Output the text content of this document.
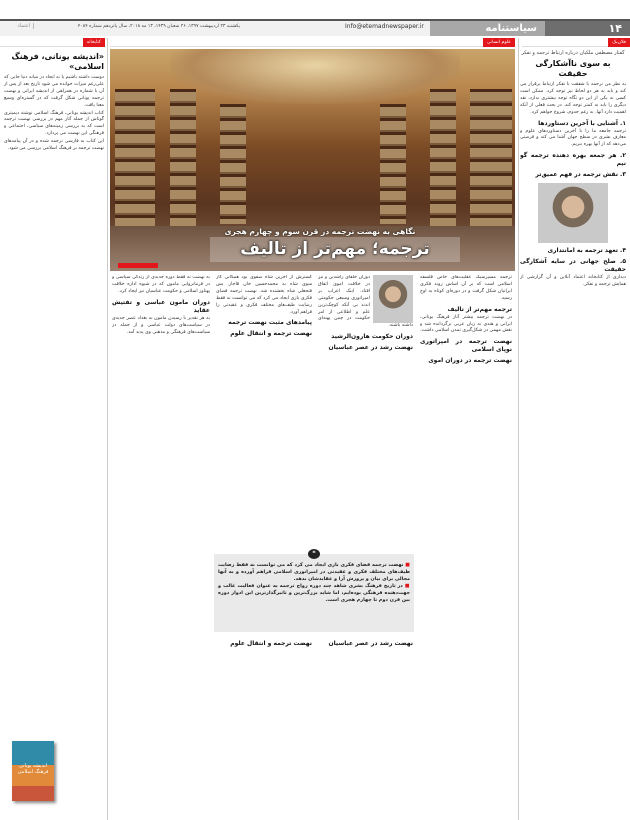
۱۴
سیاستنامه
Info@etemadnewspaper.ir
یکشنبه ۲۳ اردیبهشت ۱۳۹۷، ۲۶ شعبان ۱۴۳۹، ۱۳ مه ۲۰۱۸، سال پانزدهم شماره ۴۰۸۴
اعتماد
فلان‌یک
علوم انسانی
کتابخانه
نگاهی به نهضت ترجمه در قرن سوم و چهارم هجری
ترجمه؛ مهم‌تر از تالیف

ترجمه مسیرسبک عقلیت‌های خاص فلسفه اسلامی است که بر آن اساس روند فکری ایرانیان شکل گرفت و در دوره‌ای کوتاه به اوج رسید.

ترجمه مهم‌تر از تالیف

در نهضت ترجمه بیشتر آثار فرهنگ یونانی، ایرانی و هندی به زبان عربی برگردانده شد و نقش مهمی در شکل‌گیری تمدن اسلامی داشت.

نهضت ترجمه در امپراتوری نوپای اسلامی
نهضت ترجمه در دوران اموی

دوران خلفای راشدین و نیز در خلافت اموی اتفاق افتاد. اینک اعراب بر امپراتوری وسیعی حکومتی اندند بی آنکه کوچک‌ترین علم و اطلاعی از امر حکومت در چنین پهنه‌ای داشته باشند.

دوران حکومت هارون‌الرشید
نهضت رشد در عصر عباسیان

گسترش از آخرین شاه صفوی بود همگانی کار سوی شاه به محمدحسین خان قاجار. پس فتحعلی شاه بخشنده شد. نهضت ترجمه فضای فکری بازی ایجاد می کرد که می توانست نه فقط رضایت طیف‌های مختلف فکری و عقیدتی را فراهم آورد.

پیامدهای مثبت نهضت ترجمه
نهضت ترجمه و انتقال علوم

به نهضت نه فقط دوره جدیدی از زندگی سیاسی و در فرمانروایی مامون که در شیوه اداره خلافت پهناور اسلامی و حکومت عباسیان نیز ایجاد کرد.

دوران مامون عباسی و تفتیش عقاید

به هر تقدیر با رسیدن مامون به بغداد عصر جدیدی در سیاست‌های دولت عباسی و از جمله در سیاست‌های فرهنگی و مذهبی وی پدید آمد.

نهضت رشد در عصر عباسیان
نهضت ترجمه و انتقال علوم
❝

■ نهضت ترجمه فضای فکری بازی ایجاد می کرد که می توانست نه فقط رضایت طیف‌های مختلف فکری و عقیدتی در امپراتوری اسلامی فراهم آورده و به آنها مجالی برای بیان و پرورش آرا و عقایدشان بدهد.

■ در تاریخ فرهنگ بشری شاهد چند دوره رواج ترجمه به عنوان فعالیت غالب و جهت‌دهنده فرهنگی بوده‌ایم، اما شاید بزرگ‌ترین و تاثیرگذارترین این ادوار دوره بین قرن دوم تا چهارم هجری است.

گفتار مصطفی ملکیان درباره ارتباط ترجمه و تفکر
به سوی ناآشکارگی حقیقت

به نظر من ترجمه با شفقت با تفکر ارتباط برقرار می کند و باید به هر دو لحاظ نیز توجه کرد. ممکن است کسی به یکی از این دو نگاه توجه بیشتری بدارد، نقد دیگری را باید به کمتر توجه کند. در بحث فعلی از آنکه اهمیت دارد آنها. به رغم جدوم، شروع خواهم کرد.

۱. آشنایی با آخرین دستاوردها

ترجمه جامعه ما را با آخرین دستاوردهای علوم و معارف بشری در سطح جهان آشنا می کند و فرصتی می‌دهد که از آنها بهره ببریم.

۲. هر جمعه بهره دهنده ترجمه گو نیم
۳. نقش ترجمه در فهم عمیق‌تر
۴. تعهد ترجمه به امانتداری
۵. صلح جهانی در سایه آشکارگی حقیقت

دیداری از کتابخانه اعتماد آنلاین و آن گزارشی از همایش ترجمه و تفکر.

«اندیشه یونانی، فرهنگ اسلامی»

دوست داشته باشیم یا نه ایجاد در میانه دنیا جایی که علی‌رغم میراث خوانده می شود تاریخ بعد از پس از آن با شماره در همراهی از اندیشه ایرانی و نهضت ترجمه یونانی شکل گرفت که در گستره‌ای وسیع معنا یافت.

کتاب اندیشه یونانی، فرهنگ اسلامی نوشته دیمیتری گوتاس از جمله آثار مهم در بررسی نهضت ترجمه است که به بررسی زمینه‌های سیاسی، اجتماعی و فرهنگی این نهضت می پردازد.

این کتاب به فارسی ترجمه شده و در آن پیامدهای نهضت ترجمه بر فرهنگ اسلامی بررسی می شود.

اندیشه یونانی فرهنگ اسلامی
